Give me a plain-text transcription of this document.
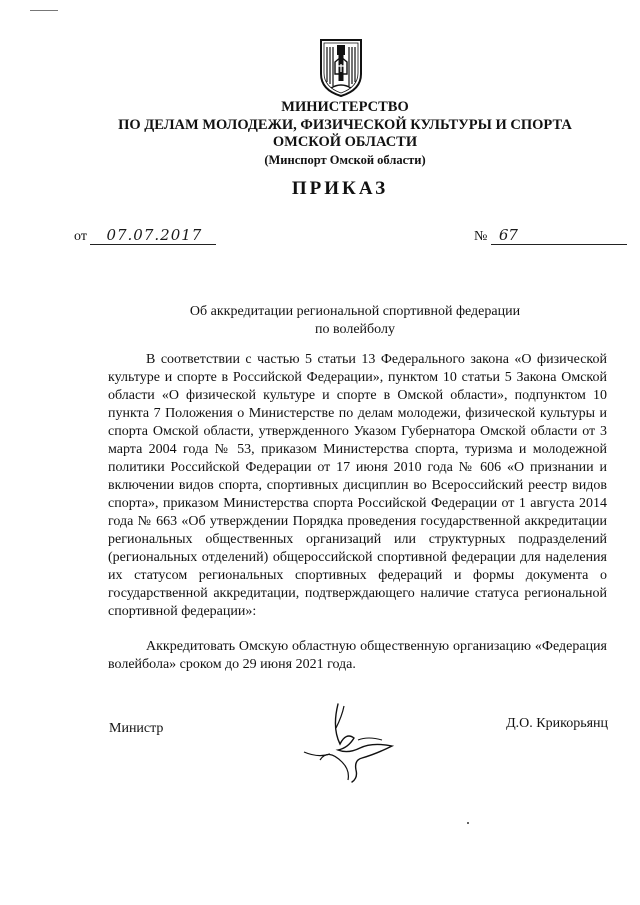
МИНИСТЕРСТВО
ПО ДЕЛАМ МОЛОДЕЖИ, ФИЗИЧЕСКОЙ КУЛЬТУРЫ И СПОРТА
ОМСКОЙ ОБЛАСТИ
(Минспорт Омской области)
ПРИКАЗ
от 07.07.2017	№ 67
Об аккредитации региональной спортивной федерации
по волейболу

В соответствии с частью 5 статьи 13 Федерального закона «О физической культуре и спорте в Российской Федерации», пунктом 10 статьи 5 Закона Омской области «О физической культуре и спорте в Омской области», подпунктом 10 пункта 7 Положения о Министерстве по делам молодежи, физической культуры и спорта Омской области, утвержденного Указом Губернатора Омской области от 3 марта 2004 года № 53, приказом Министерства спорта, туризма и молодежной политики Российской Федерации от 17 июня 2010 года № 606 «О признании и включении видов спорта, спортивных дисциплин во Всероссийский реестр видов спорта», приказом Министерства спорта Российской Федерации от 1 августа 2014 года № 663 «Об утверждении Порядка проведения государственной аккредитации региональных общественных организаций или структурных подразделений (региональных отделений) общероссийской спортивной федерации для наделения их статусом региональных спортивных федераций и формы документа о государственной аккредитации, подтверждающего наличие статуса региональной спортивной федерации»:

Аккредитовать Омскую областную общественную организацию «Федерация волейбола» сроком до 29 июня 2021 года.

Министр	Д.О. Крикорьянц
